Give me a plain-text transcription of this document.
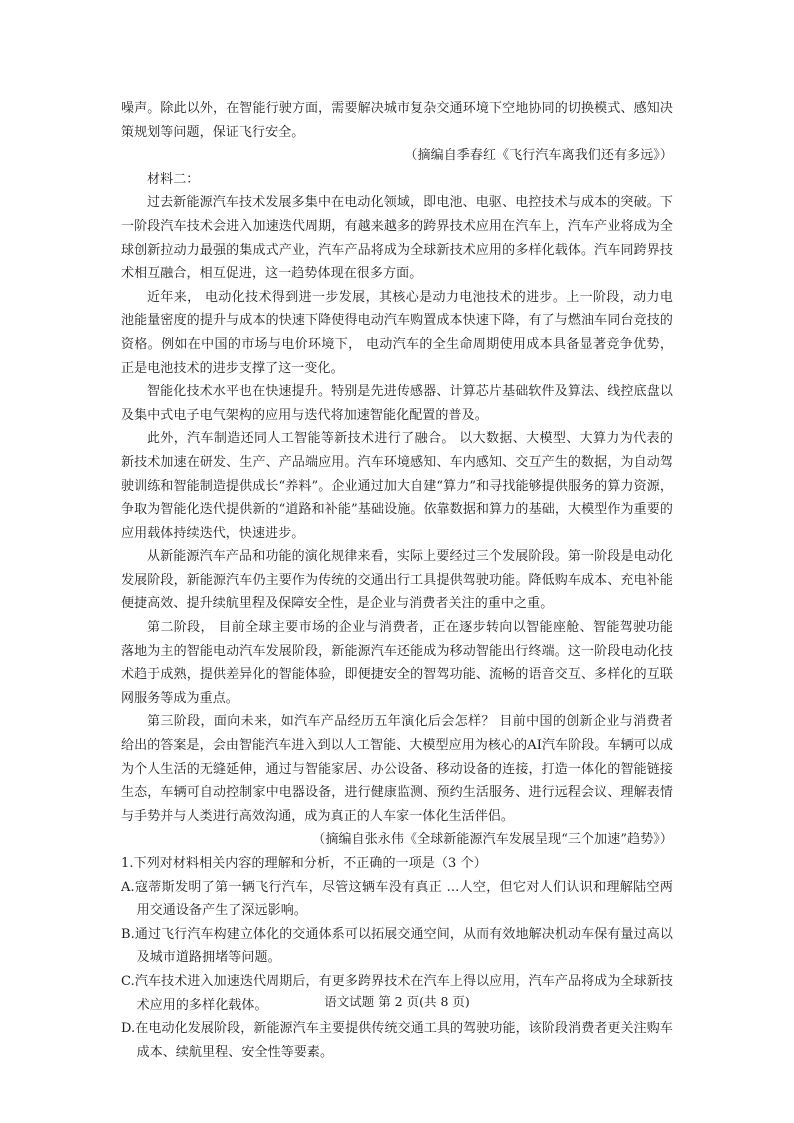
噪声。除此以外，在智能行驶方面，需要解决城市复杂交通环境下空地协同的切换模式、感知决策规划等问题，保证飞行安全。

（摘编自季春红《飞行汽车离我们还有多远》）

材料二：

过去新能源汽车技术发展多集中在电动化领域，即电池、电驱、电控技术与成本的突破。下一阶段汽车技术会进入加速迭代周期，有越来越多的跨界技术应用在汽车上，汽车产业将成为全球创新拉动力最强的集成式产业，汽车产品将成为全球新技术应用的多样化载体。汽车同跨界技术相互融合，相互促进，这一趋势体现在很多方面。

近年来， 电动化技术得到进一步发展，其核心是动力电池技术的进步。上一阶段，动力电池能量密度的提升与成本的快速下降使得电动汽车购置成本快速下降，有了与燃油车同台竞技的资格。例如在中国的市场与电价环境下， 电动汽车的全生命周期使用成本具备显著竞争优势，正是电池技术的进步支撑了这一变化。

智能化技术水平也在快速提升。特别是先进传感器、计算芯片基础软件及算法、线控底盘以及集中式电子电气架构的应用与迭代将加速智能化配置的普及。

此外，汽车制造还同人工智能等新技术进行了融合。 以大数据、大模型、大算力为代表的新技术加速在研发、生产、产品端应用。汽车环境感知、车内感知、交互产生的数据，为自动驾驶训练和智能制造提供成长“养料”。企业通过加大自建“算力”和寻找能够提供服务的算力资源，争取为智能化迭代提供新的“道路和补能”基础设施。依靠数据和算力的基础，大模型作为重要的应用载体持续迭代，快速进步。

从新能源汽车产品和功能的演化规律来看，实际上要经过三个发展阶段。第一阶段是电动化发展阶段，新能源汽车仍主要作为传统的交通出行工具提供驾驶功能。降低购车成本、充电补能便捷高效、提升续航里程及保障安全性，是企业与消费者关注的重中之重。

第二阶段， 目前全球主要市场的企业与消费者，正在逐步转向以智能座舱、智能驾驶功能落地为主的智能电动汽车发展阶段，新能源汽车还能成为移动智能出行终端。这一阶段电动化技术趋于成熟，提供差异化的智能体验，即便捷安全的智驾功能、流畅的语音交互、多样化的互联网服务等成为重点。

第三阶段，面向未来，如汽车产品经历五年演化后会怎样？ 目前中国的创新企业与消费者给出的答案是，会由智能汽车进入到以人工智能、大模型应用为核心的AI汽车阶段。车辆可以成为个人生活的无缝延伸，通过与智能家居、办公设备、移动设备的连接，打造一体化的智能链接生态，车辆可自动控制家中电器设备，进行健康监测、预约生活服务、进行远程会议、理解表情与手势并与人类进行高效沟通，成为真正的人车家一体化生活伴侣。

（摘编自张永伟《全球新能源汽车发展呈现“三个加速”趋势》）

1.下列对材料相关内容的理解和分析，不正确的一项是（3 个）

A.寇蒂斯发明了第一辆飞行汽车，尽管这辆车没有真正 ...人空，但它对人们认识和理解陆空两用交通设备产生了深远影响。

B.通过飞行汽车构建立体化的交通体系可以拓展交通空间，从而有效地解决机动车保有量过高以及城市道路拥堵等问题。

C.汽车技术进入加速迭代周期后，有更多跨界技术在汽车上得以应用，汽车产品将成为全球新技术应用的多样化载体。

D.在电动化发展阶段，新能源汽车主要提供传统交通工具的驾驶功能，该阶段消费者更关注购车成本、续航里程、安全性等要素。

语文试题 第 2 页(共 8 页)
